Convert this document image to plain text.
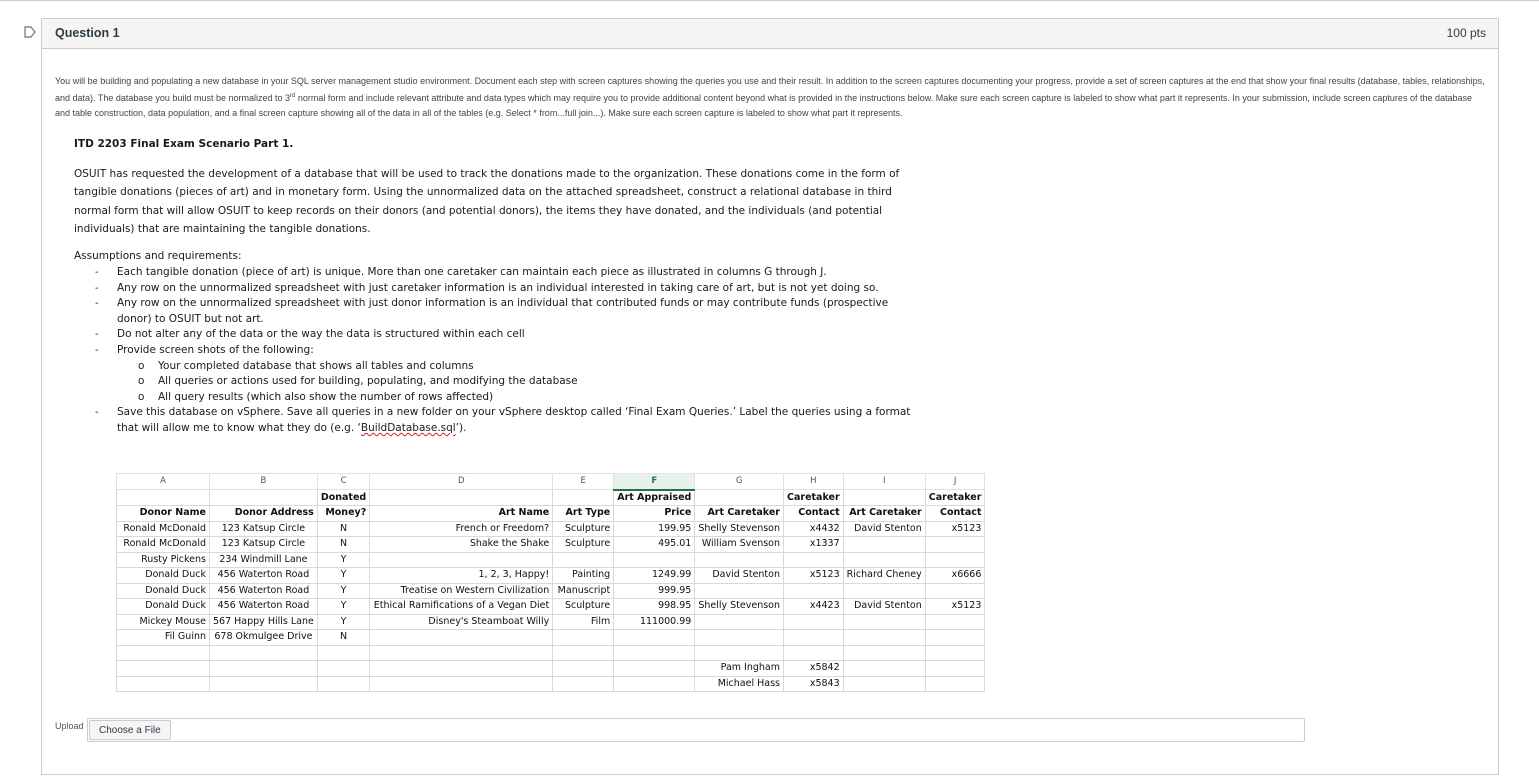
Question 1	100 pts
You will be building and populating a new database in your SQL server management studio environment. Document each step with screen captures showing the queries you use and their result. In addition to the screen captures documenting your progress, provide a set of screen captures at the end that show your final results (database, tables, relationships, and data). The database you build must be normalized to 3rd normal form and include relevant attribute and data types which may require you to provide additional content beyond what is provided in the instructions below. Make sure each screen capture is labeled to show what part it represents. In your submission, include screen captures of the database and table construction, data population, and a final screen capture showing all of the data in all of the tables (e.g. Select * from...full join...). Make sure each screen capture is labeled to show what part it represents.
ITD 2203 Final Exam Scenario Part 1.
OSUIT has requested the development of a database that will be used to track the donations made to the organization. These donations come in the form of tangible donations (pieces of art) and in monetary form. Using the unnormalized data on the attached spreadsheet, construct a relational database in third normal form that will allow OSUIT to keep records on their donors (and potential donors), the items they have donated, and the individuals (and potential individuals) that are maintaining the tangible donations.
Assumptions and requirements:
- Each tangible donation (piece of art) is unique. More than one caretaker can maintain each piece as illustrated in columns G through J.
- Any row on the unnormalized spreadsheet with just caretaker information is an individual interested in taking care of art, but is not yet doing so.
- Any row on the unnormalized spreadsheet with just donor information is an individual that contributed funds or may contribute funds (prospective donor) to OSUIT but not art.
- Do not alter any of the data or the way the data is structured within each cell
- Provide screen shots of the following:
o Your completed database that shows all tables and columns
o All queries or actions used for building, populating, and modifying the database
o All query results (which also show the number of rows affected)
- Save this database on vSphere. Save all queries in a new folder on your vSphere desktop called ‘Final Exam Queries.’ Label the queries using a format that will allow me to know what they do (e.g. ‘BuildDatabase.sql’).
A	B	C	D	E	F	G	H	I	J
		Donated			Art Appraised		Caretaker		Caretaker
Donor Name	Donor Address	Money?	Art Name	Art Type	Price	Art Caretaker	Contact	Art Caretaker	Contact
Ronald McDonald	123 Katsup Circle	N	French or Freedom?	Sculpture	199.95	Shelly Stevenson	x4432	David Stenton	x5123
Ronald McDonald	123 Katsup Circle	N	Shake the Shake	Sculpture	495.01	William Svenson	x1337		
Rusty Pickens	234 Windmill Lane	Y							
Donald Duck	456 Waterton Road	Y	1, 2, 3, Happy!	Painting	1249.99	David Stenton	x5123	Richard Cheney	x6666
Donald Duck	456 Waterton Road	Y	Treatise on Western Civilization	Manuscript	999.95				
Donald Duck	456 Waterton Road	Y	Ethical Ramifications of a Vegan Diet	Sculpture	998.95	Shelly Stevenson	x4423	David Stenton	x5123
Mickey Mouse	567 Happy Hills Lane	Y	Disney's Steamboat Willy	Film	111000.99				
Fil Guinn	678 Okmulgee Drive	N							

						Pam Ingham	x5842		
						Michael Hass	x5843		
Upload	Choose a File
